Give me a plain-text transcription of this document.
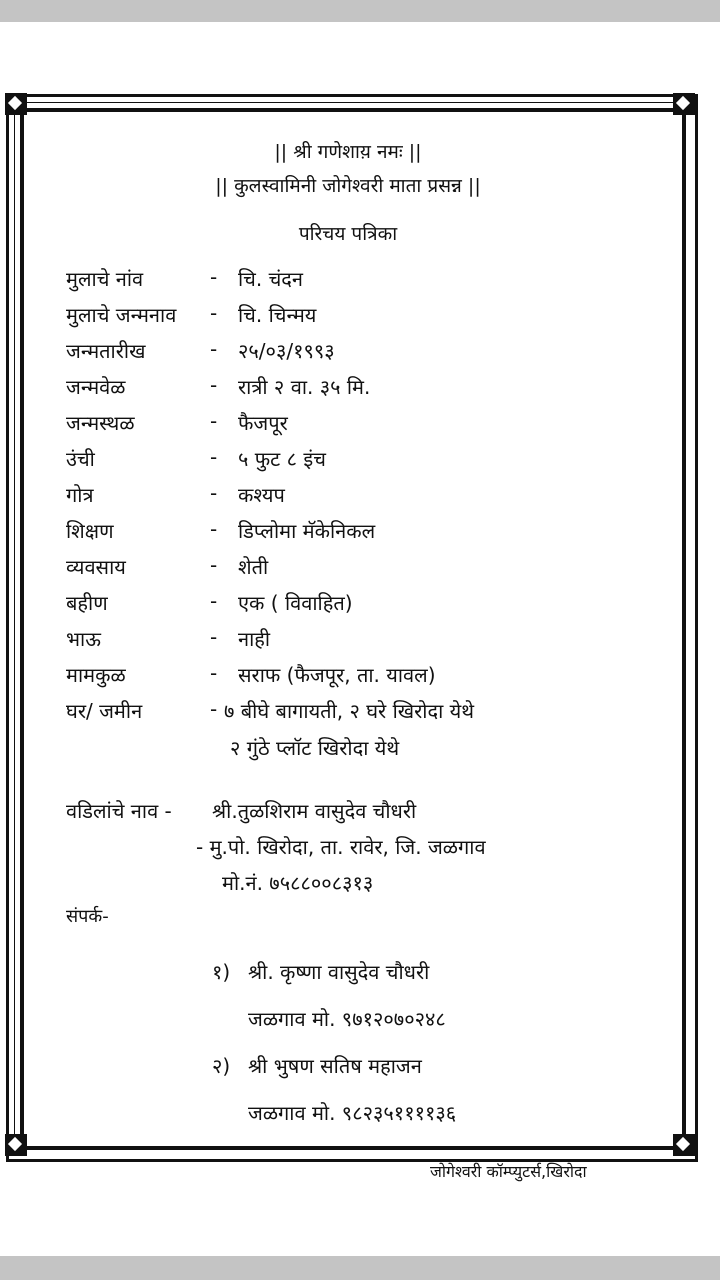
|| श्री गणेशाय़ नमः ||
|| कुलस्वामिनी जोगेश्वरी माता प्रसन्न ||
परिचय पत्रिका
मुलाचे नांव	- चि. चंदन
मुलाचे जन्मनाव - चि. चिन्मय
जन्मतारीख	- २५/०३/१९९३
जन्मवेळ	- रात्री २ वा. ३५ मि.
जन्मस्थळ	- फैजपूर
उंची	- ५ फुट ८ इंच
गोत्र	- कश्यप
शिक्षण	- डिप्लोमा मॅकेनिकल
व्यवसाय	- शेती
बहीण	- एक ( विवाहित)
भाऊ	- नाही
मामकुळ	- सराफ (फैजपूर, ता. यावल)
घर/ जमीन	- ७ बीघे बागायती, २ घरे खिरोदा येथे
२ गुंठे प्लॉट खिरोदा येथे
वडिलांचे नाव - श्री.तुळशिराम वासुदेव चौधरी
- मु.पो. खिरोदा, ता. रावेर, जि. जळगाव
मो.नं. ७५८८००८३१३
संपर्क-
१) श्री. कृष्णा वासुदेव चौधरी
जळगाव मो. ९७१२०७०२४८
२) श्री भुषण सतिष महाजन
जळगाव मो. ९८२३५११११३६
जोगेश्वरी कॉम्प्युटर्स,खिरोदा
